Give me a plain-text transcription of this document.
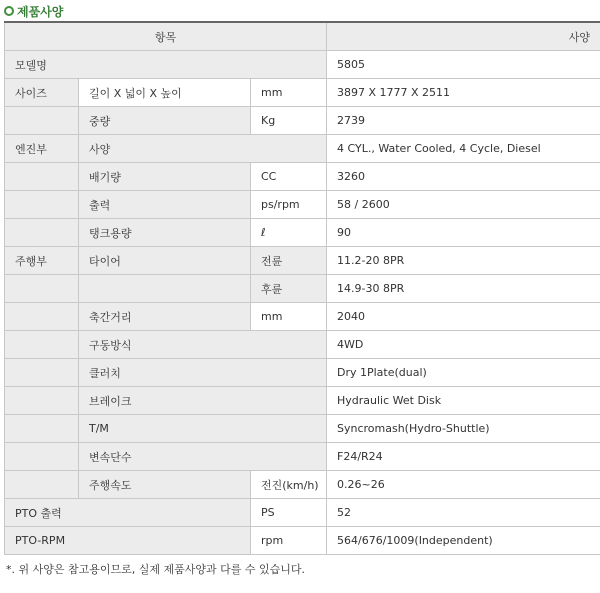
제품사양
항목			사양
모델명			5805
사이즈	길이 X 넓이 X 높이	mm	3897 X 1777 X 2511
	중량	Kg	2739
엔진부	사양		4 CYL., Water Cooled, 4 Cycle, Diesel
	배기량	CC	3260
	출력	ps/rpm	58 / 2600
	탱크용량	ℓ	90
주행부	타이어	전륜	11.2-20 8PR
		후륜	14.9-30 8PR
	축간거리	mm	2040
	구동방식		4WD
	클러치		Dry 1Plate(dual)
	브레이크		Hydraulic Wet Disk
	T/M		Syncromash(Hydro-Shuttle)
	변속단수		F24/R24
	주행속도	전진(km/h)	0.26~26
PTO 출력		PS	52
PTO-RPM		rpm	564/676/1009(Independent)
*. 위 사양은 참고용이므로, 실제 제품사양과 다를 수 있습니다.
